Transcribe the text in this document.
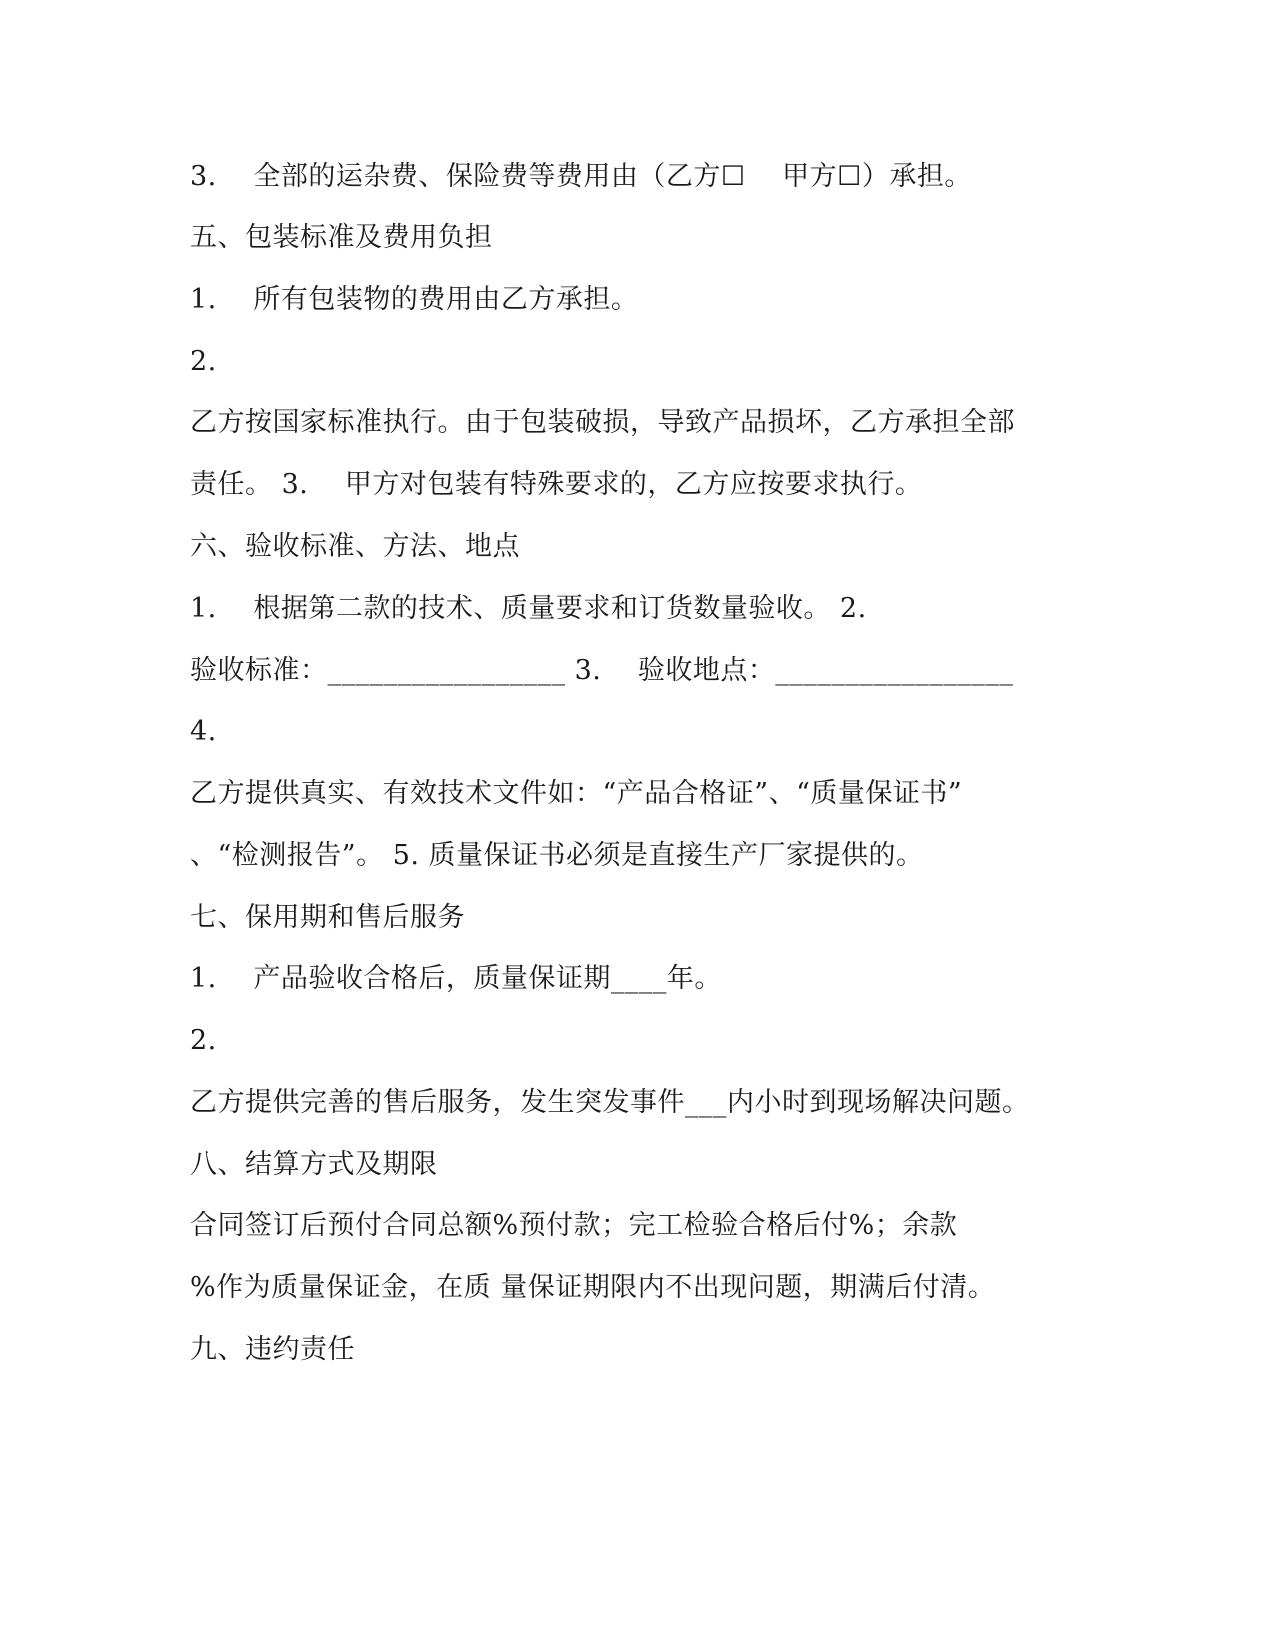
3.　 全部的运杂费、保险费等费用由（乙方☐　 甲方☐）承担。
五、包装标准及费用负担
1.　 所有包装物的费用由乙方承担。
2.
乙方按国家标准执行。由于包装破损，导致产品损坏，乙方承担全部
责任。 3.　 甲方对包装有特殊要求的，乙方应按要求执行。
六、验收标准、方法、地点
1.　 根据第二款的技术、质量要求和订货数量验收。 2.
验收标准：_________________ 3.　 验收地点：_________________
4.
乙方提供真实、有效技术文件如：“产品合格证”、“质量保证书”
、“检测报告”。 5. 质量保证书必须是直接生产厂家提供的。
七、保用期和售后服务
1.　 产品验收合格后，质量保证期____年。
2.
乙方提供完善的售后服务，发生突发事件___内小时到现场解决问题。
八、结算方式及期限
合同签订后预付合同总额%预付款；完工检验合格后付%；余款
%作为质量保证金，在质 量保证期限内不出现问题，期满后付清。
九、违约责任
